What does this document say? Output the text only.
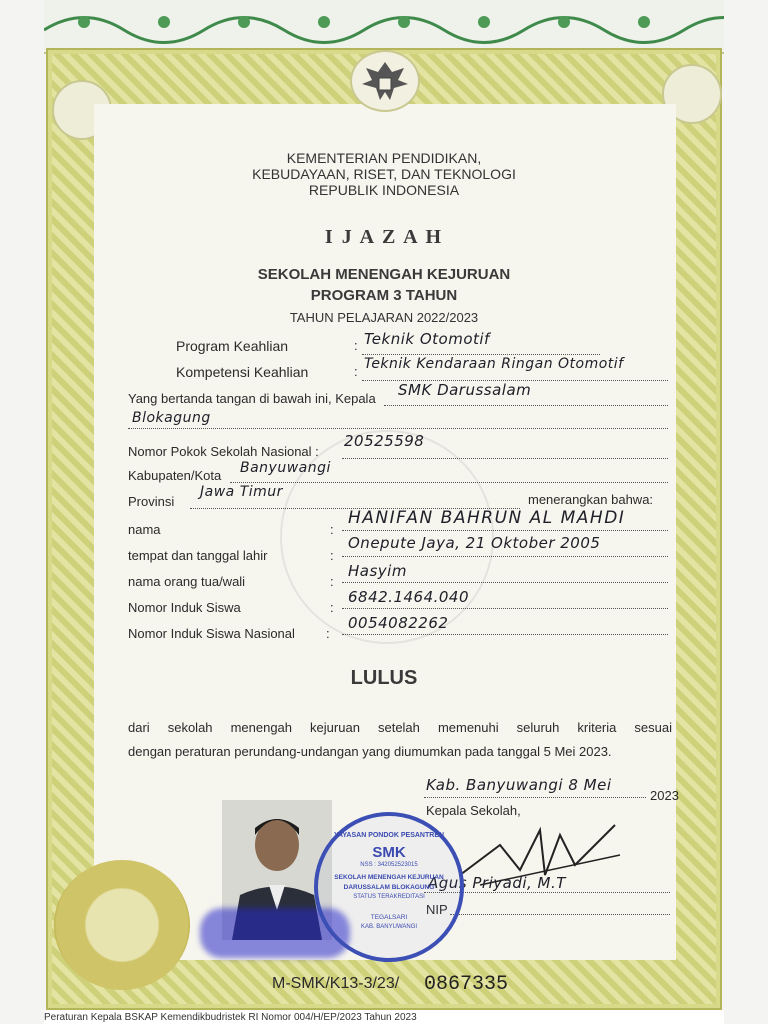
KEMENTERIAN PENDIDIKAN,
KEBUDAYAAN, RISET, DAN TEKNOLOGI
REPUBLIK INDONESIA
I J A Z A H
SEKOLAH MENENGAH KEJURUAN
PROGRAM 3 TAHUN
TAHUN PELAJARAN 2022/2023
Program Keahlian	: Teknik Otomotif
Kompetensi Keahlian	: Teknik Kendaraan Ringan Otomotif
Yang bertanda tangan di bawah ini, Kepala SMK Darussalam
Blokagung
Nomor Pokok Sekolah Nasional :
20525598
Kabupaten/Kota Banyuwangi
Provinsi
Jawa Timur	menerangkan bahwa:
nama	:
HANIFAN BAHRUN AL MAHDI
tempat dan tanggal lahir	:
Onepute Jaya, 21 Oktober 2005
nama orang tua/wali	:
Hasyim
Nomor Induk Siswa	:
6842.1464.040
Nomor Induk Siswa Nasional :
0054082262
LULUS
dari sekolah menengah kejuruan setelah memenuhi seluruh kriteria sesuai
dengan peraturan perundang-undangan yang diumumkan pada tanggal 5 Mei 2023.
Kab. Banyuwangi 8 Mei
2023
Kepala Sekolah,
Agus Priyadi, M.T
NIP
YAYASAN PONDOK PESANTREN
SMK
NSS : 342052523015
SEKOLAH MENENGAH KEJURUAN
DARUSSALAM BLOKAGUNG
STATUS TERAKREDITASI
TEGALSARI
KAB. BANYUWANGI
M-SMK/K13-3/23/ 0867335
Peraturan Kepala BSKAP Kemendikbudristek RI Nomor 004/H/EP/2023 Tahun 2023
